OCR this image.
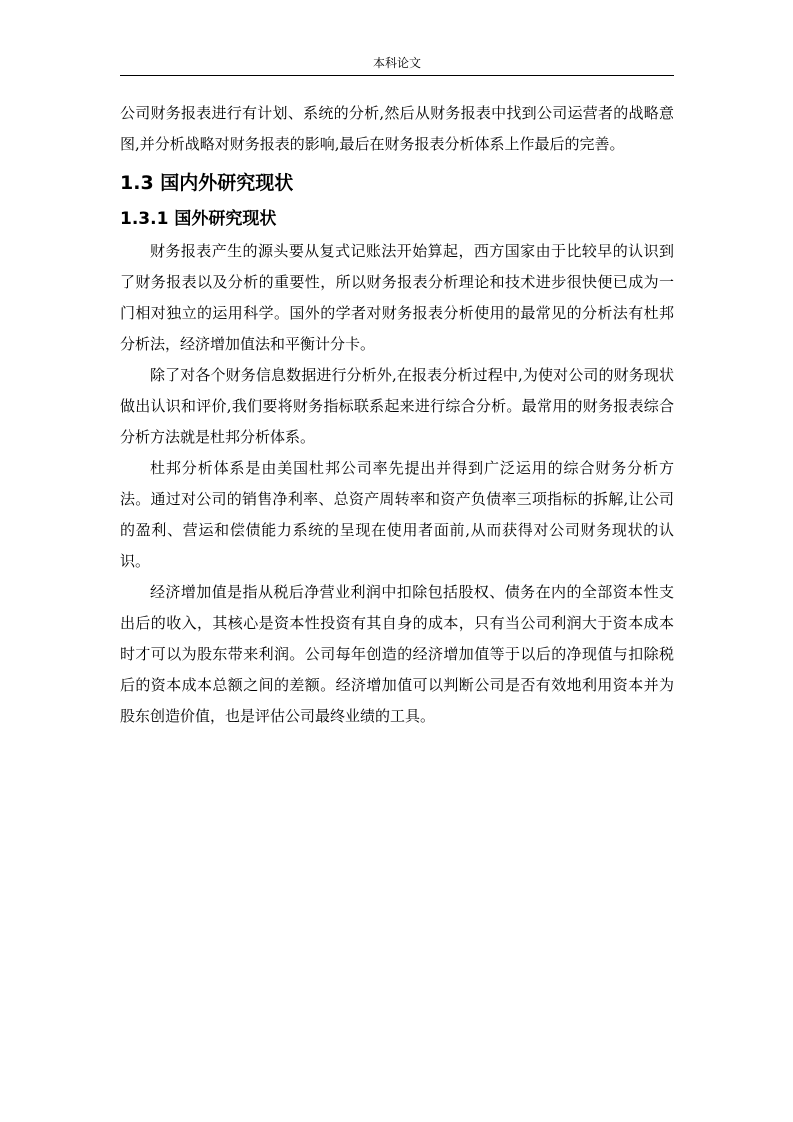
本科论文

公司财务报表进行有计划、系统的分析,然后从财务报表中找到公司运营者的战略意图,并分析战略对财务报表的影响,最后在财务报表分析体系上作最后的完善。

1.3 国内外研究现状
1.3.1 国外研究现状

财务报表产生的源头要从复式记账法开始算起，西方国家由于比较早的认识到了财务报表以及分析的重要性，所以财务报表分析理论和技术进步很快便已成为一门相对独立的运用科学。国外的学者对财务报表分析使用的最常见的分析法有杜邦分析法，经济增加值法和平衡计分卡。

除了对各个财务信息数据进行分析外,在报表分析过程中,为使对公司的财务现状做出认识和评价,我们要将财务指标联系起来进行综合分析。最常用的财务报表综合分析方法就是杜邦分析体系。

杜邦分析体系是由美国杜邦公司率先提出并得到广泛运用的综合财务分析方法。通过对公司的销售净利率、总资产周转率和资产负债率三项指标的拆解,让公司的盈利、营运和偿债能力系统的呈现在使用者面前,从而获得对公司财务现状的认识。

经济增加值是指从税后净营业利润中扣除包括股权、债务在内的全部资本性支出后的收入，其核心是资本性投资有其自身的成本，只有当公司利润大于资本成本时才可以为股东带来利润。公司每年创造的经济增加值等于以后的净现值与扣除税后的资本成本总额之间的差额。经济增加值可以判断公司是否有效地利用资本并为股东创造价值，也是评估公司最终业绩的工具。
